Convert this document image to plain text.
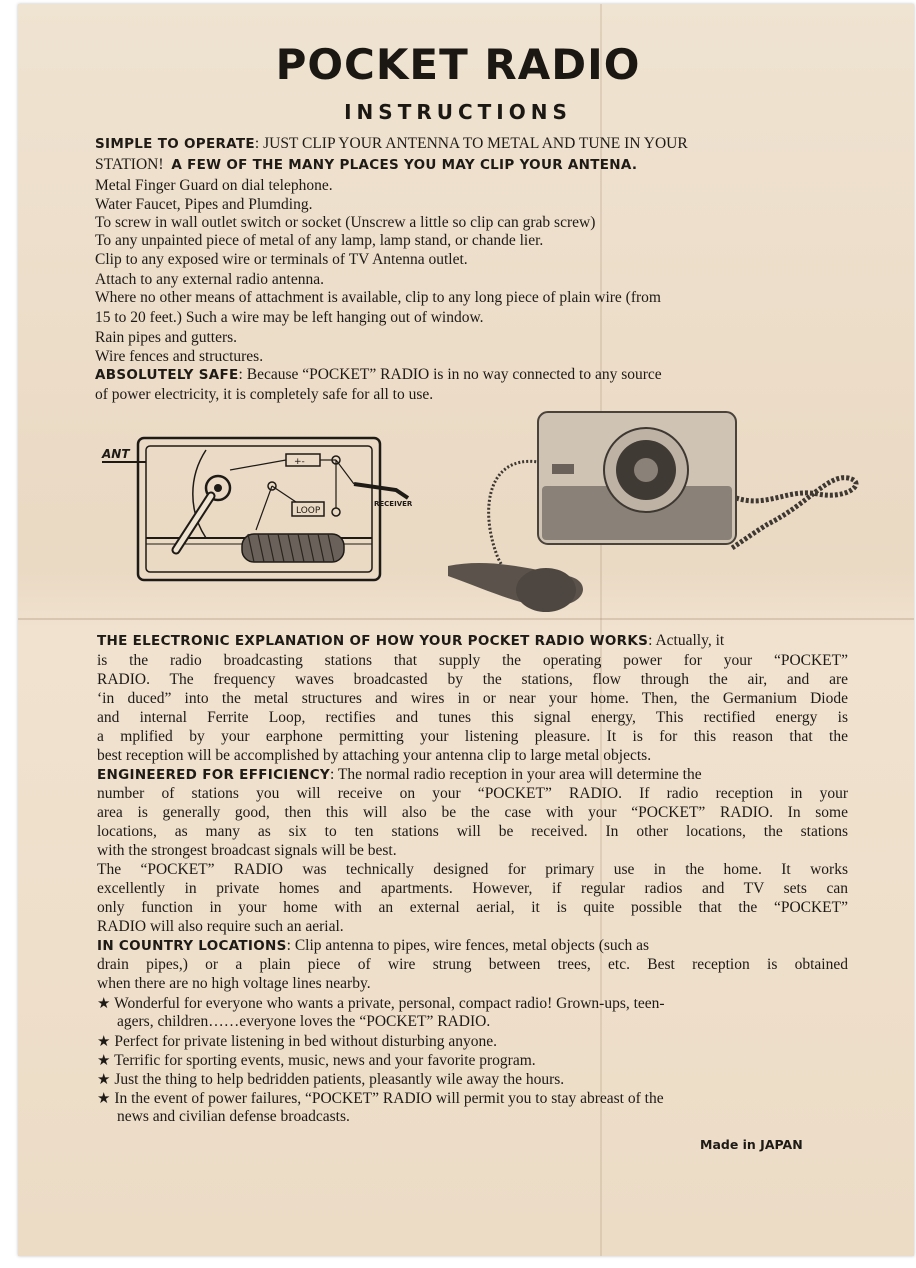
POCKET RADIO
INSTRUCTIONS
SIMPLE TO OPERATE: JUST CLIP YOUR ANTENNA TO METAL AND TUNE IN YOUR
STATION! A FEW OF THE MANY PLACES YOU MAY CLIP YOUR ANTENA.
Metal Finger Guard on dial telephone.
Water Faucet, Pipes and Plumding.
To screw in wall outlet switch or socket (Unscrew a little so clip can grab screw)
To any unpainted piece of metal of any lamp, lamp stand, or chande lier.
Clip to any exposed wire or terminals of TV Antenna outlet.
Attach to any external radio antenna.
Where no other means of attachment is available, clip to any long piece of plain wire (from
15 to 20 feet.) Such a wire may be left hanging out of window.
Rain pipes and gutters.
Wire fences and structures.
ABSOLUTELY SAFE: Because “POCKET” RADIO is in no way connected to any source
of power electricity, it is completely safe for all to use.
ANT
+-
LOOP
RECEIVER
THE ELECTRONIC EXPLANATION OF HOW YOUR POCKET RADIO WORKS: Actually, it
is the radio broadcasting stations that supply the operating power for your “POCKET”
RADIO. The frequency waves broadcasted by the stations, flow through the air, and are
‘in duced” into the metal structures and wires in or near your home. Then, the Germanium Diode
and internal Ferrite Loop, rectifies and tunes this signal energy, This rectified energy is
a mplified by your earphone permitting your listening pleasure. It is for this reason that the
best reception will be accomplished by attaching your antenna clip to large metal objects.
ENGINEERED FOR EFFICIENCY: The normal radio reception in your area will determine the
number of stations you will receive on your “POCKET” RADIO. If radio reception in your
area is generally good, then this will also be the case with your “POCKET” RADIO. In some
locations, as many as six to ten stations will be received. In other locations, the stations
with the strongest broadcast signals will be best.
The “POCKET” RADIO was technically designed for primary use in the home. It works
excellently in private homes and apartments. However, if regular radios and TV sets can
only function in your home with an external aerial, it is quite possible that the “POCKET”
RADIO will also require such an aerial.
IN COUNTRY LOCATIONS: Clip antenna to pipes, wire fences, metal objects (such as
drain pipes,) or a plain piece of wire strung between trees, etc. Best reception is obtained
when there are no high voltage lines nearby.
★ Wonderful for everyone who wants a private, personal, compact radio! Grown-ups, teen-
agers, children……everyone loves the “POCKET” RADIO.
★ Perfect for private listening in bed without disturbing anyone.
★ Terrific for sporting events, music, news and your favorite program.
★ Just the thing to help bedridden patients, pleasantly wile away the hours.
★ In the event of power failures, “POCKET” RADIO will permit you to stay abreast of the
news and civilian defense broadcasts.
Made in JAPAN
